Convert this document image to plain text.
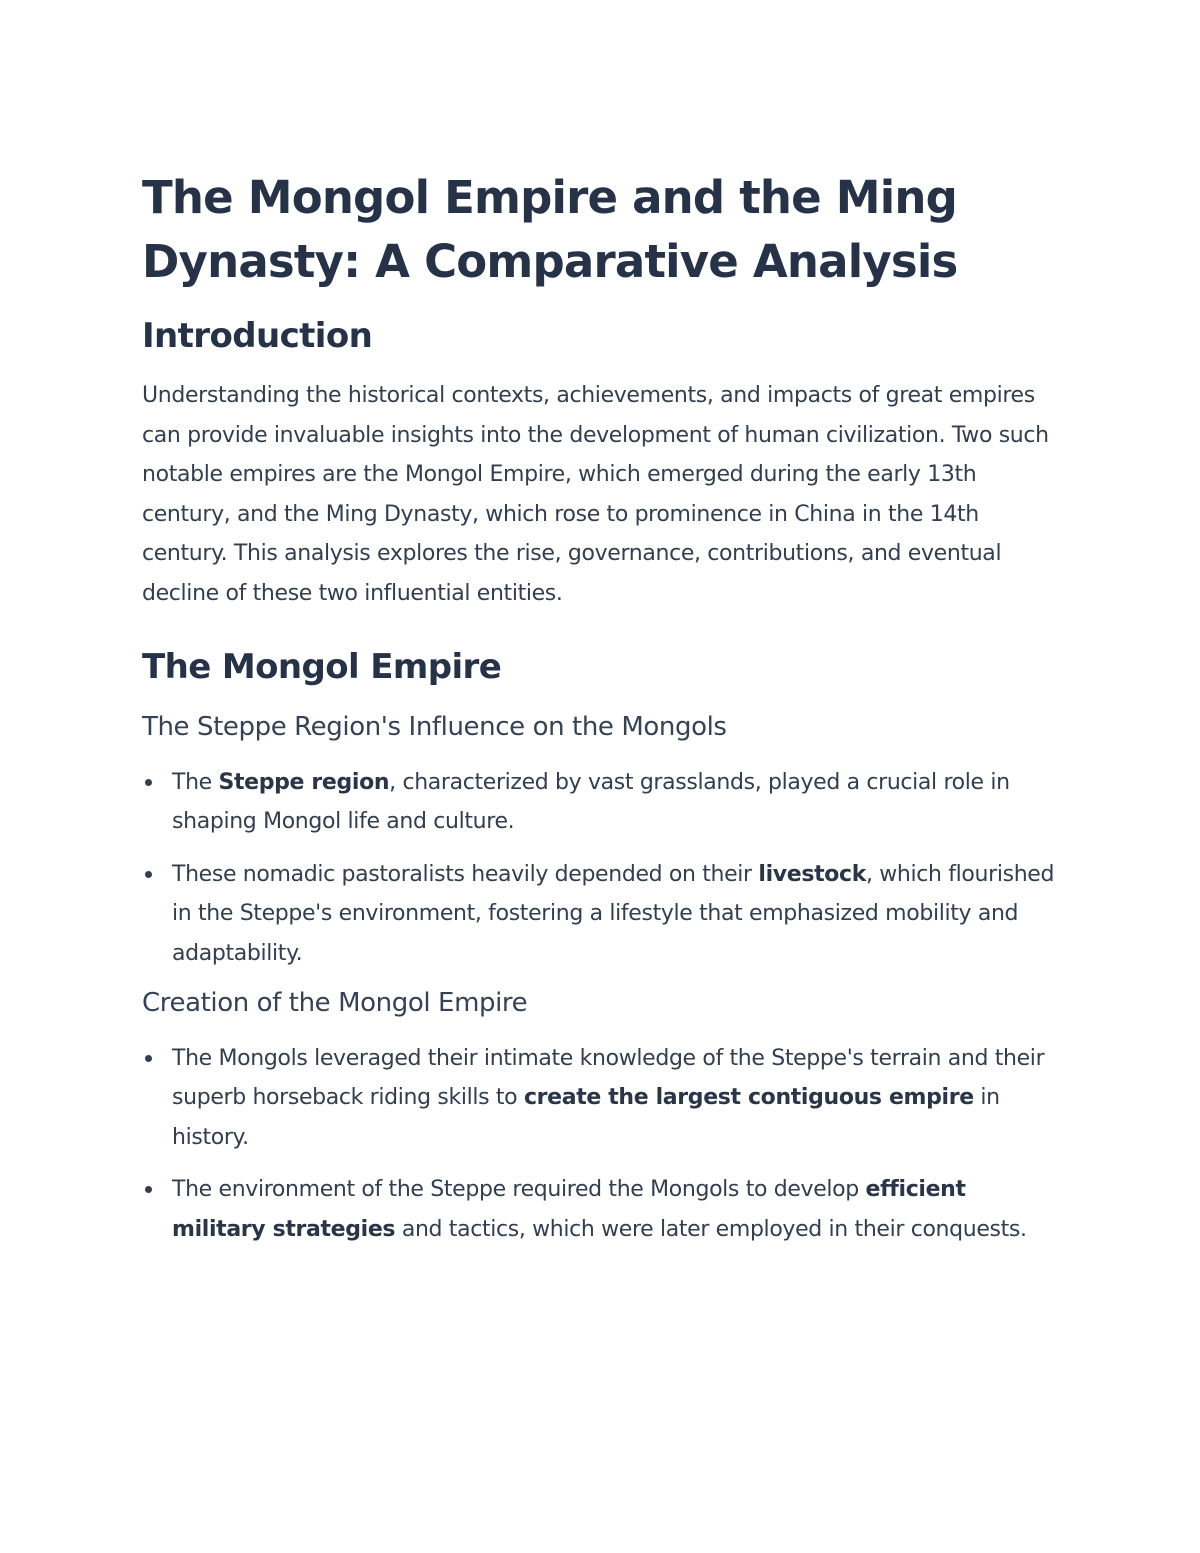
The Mongol Empire and the Ming Dynasty: A Comparative Analysis
Introduction

Understanding the historical contexts, achievements, and impacts of great empires can provide invaluable insights into the development of human civilization. Two such notable empires are the Mongol Empire, which emerged during the early 13th century, and the Ming Dynasty, which rose to prominence in China in the 14th century. This analysis explores the rise, governance, contributions, and eventual decline of these two influential entities.

The Mongol Empire
The Steppe Region's Influence on the Mongols
The Steppe region, characterized by vast grasslands, played a crucial role in shaping Mongol life and culture.
These nomadic pastoralists heavily depended on their livestock, which flourished in the Steppe's environment, fostering a lifestyle that emphasized mobility and adaptability.
Creation of the Mongol Empire
The Mongols leveraged their intimate knowledge of the Steppe's terrain and their superb horseback riding skills to create the largest contiguous empire in history.
The environment of the Steppe required the Mongols to develop efficient military strategies and tactics, which were later employed in their conquests.
